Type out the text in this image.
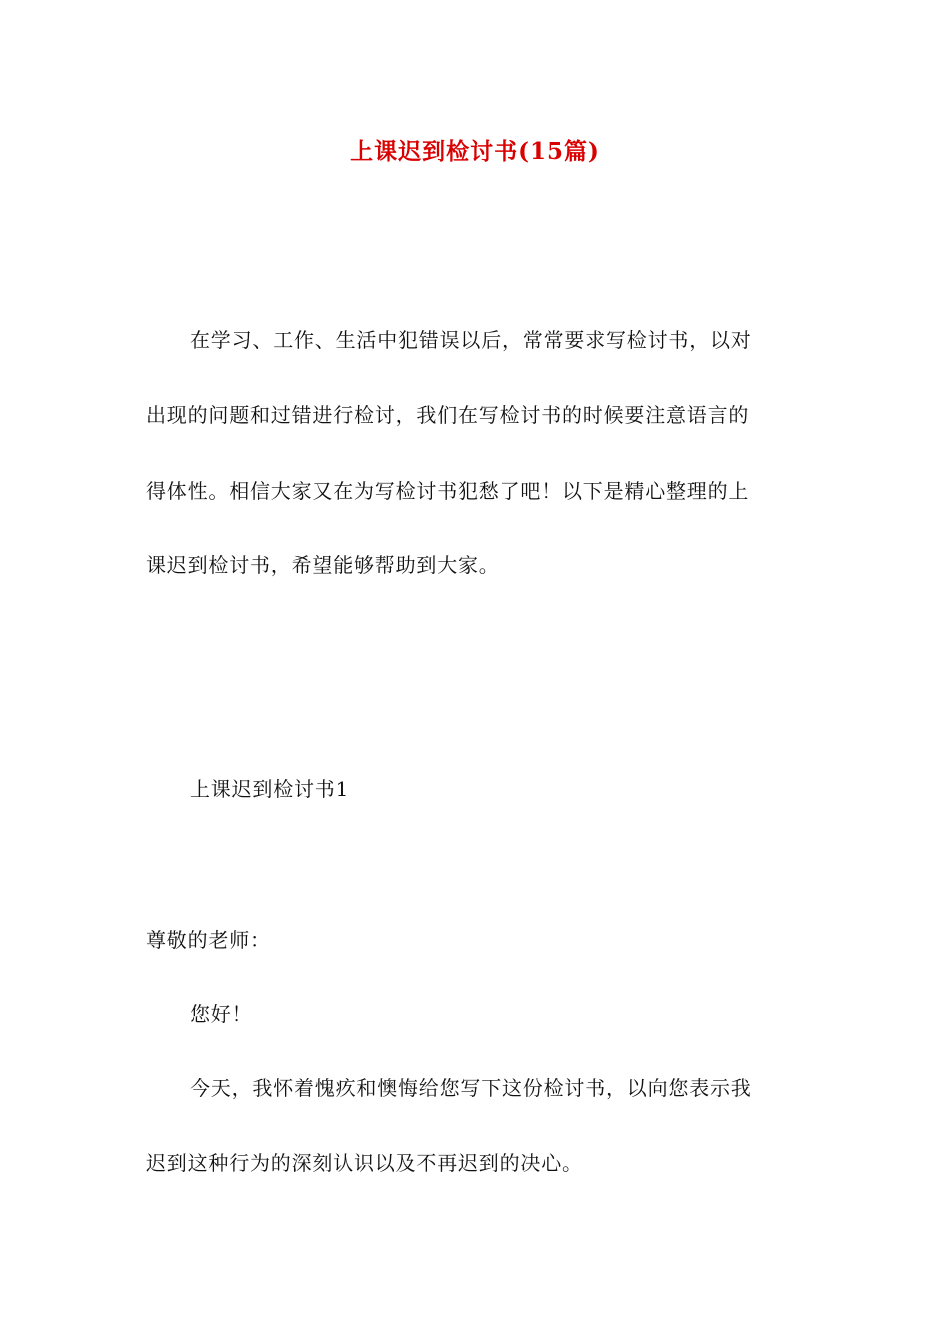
上课迟到检讨书(15篇)
在学习、工作、生活中犯错误以后，常常要求写检讨书，以对
出现的问题和过错进行检讨，我们在写检讨书的时候要注意语言的
得体性。相信大家又在为写检讨书犯愁了吧！以下是精心整理的上
课迟到检讨书，希望能够帮助到大家。
上课迟到检讨书1
尊敬的老师：
您好！
今天，我怀着愧疚和懊悔给您写下这份检讨书，以向您表示我
迟到这种行为的深刻认识以及不再迟到的决心。
